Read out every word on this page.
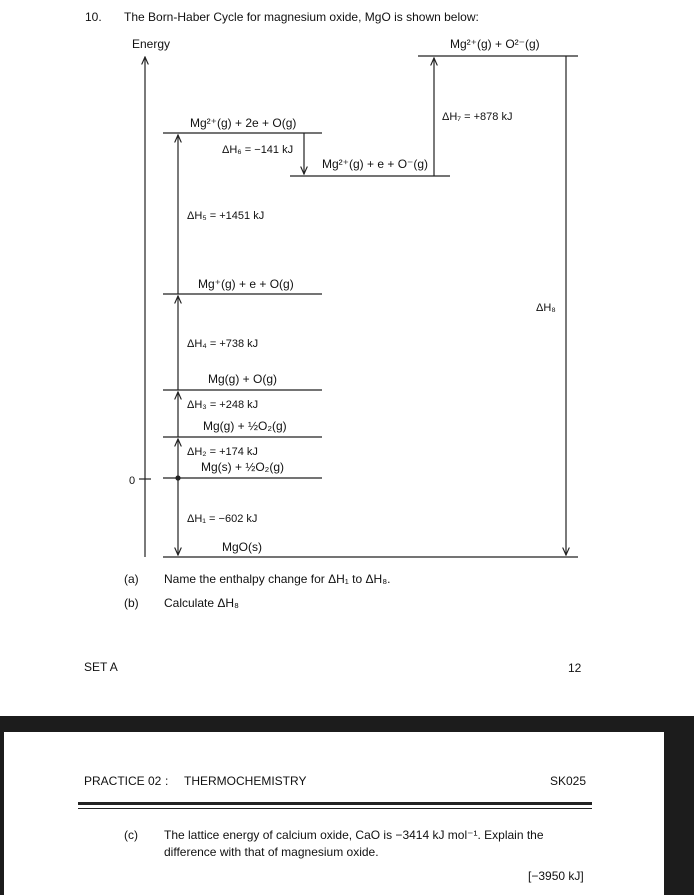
10. The Born-Haber Cycle for magnesium oxide, MgO is shown below:
Energy
0
Mg²⁺(g) + O²⁻(g)
ΔH₇ = +878 kJ
Mg²⁺(g) + 2e + O(g)
ΔH₆ = −141 kJ
Mg²⁺(g) + e + O⁻(g)
ΔH₅ = +1451 kJ
Mg⁺(g) + e + O(g)
ΔH₈
ΔH₄ = +738 kJ
Mg(g) + O(g)
ΔH₃ = +248 kJ
Mg(g) + ½O₂(g)
ΔH₂ = +174 kJ
Mg(s) + ½O₂(g)
ΔH₁ = −602 kJ
MgO(s)
(a) Name the enthalpy change for ΔH₁ to ΔH₈.
(b) Calculate ΔH₈
SET A	12
PRACTICE 02 : THERMOCHEMISTRY	SK025
(c) The lattice energy of calcium oxide, CaO is −3414 kJ mol⁻¹. Explain the
difference with that of magnesium oxide.
[−3950 kJ]
